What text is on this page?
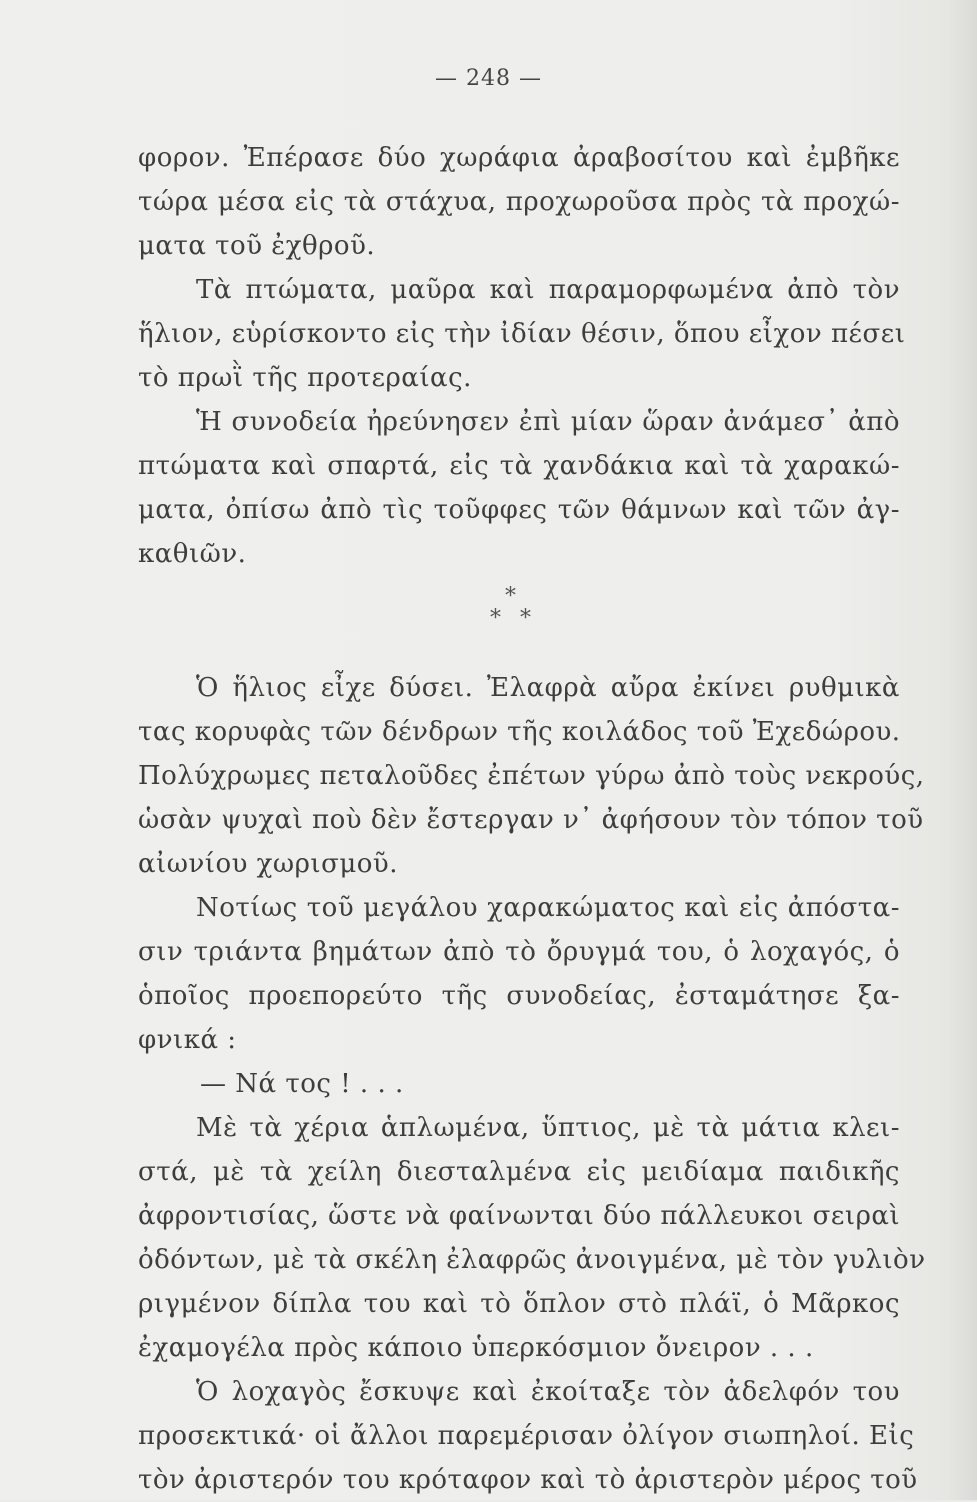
— 248 —
φορον. Ἐπέρασε δύο χωράφια ἀραβοσίτου καὶ ἐμβῆκε
τώρα μέσα εἰς τὰ στάχυα, προχωροῦσα πρὸς τὰ προχώ-
ματα τοῦ ἐχθροῦ.
Τὰ πτώματα, μαῦρα καὶ παραμορφωμένα ἀπὸ τὸν
ἥλιον, εὑρίσκοντο εἰς τὴν ἰδίαν θέσιν, ὅπου εἶχον πέσει
τὸ πρωῒ τῆς προτεραίας.
Ἡ συνοδεία ἠρεύνησεν ἐπὶ μίαν ὥραν ἀνάμεσ᾽ ἀπὸ
πτώματα καὶ σπαρτά, εἰς τὰ χανδάκια καὶ τὰ χαρακώ-
ματα, ὀπίσω ἀπὸ τὶς τοῦφφες τῶν θάμνων καὶ τῶν ἀγ-
καθιῶν.
*
* *
Ὁ ἥλιος εἶχε δύσει. Ἐλαφρὰ αὔρα ἐκίνει ρυθμικὰ
τας κορυφὰς τῶν δένδρων τῆς κοιλάδος τοῦ Ἐχεδώρου.
Πολύχρωμες πεταλοῦδες ἐπέτων γύρω ἀπὸ τοὺς νεκρούς,
ὡσὰν ψυχαὶ ποὺ δὲν ἔστεργαν ν᾽ ἀφήσουν τὸν τόπον τοῦ
αἰωνίου χωρισμοῦ.
Νοτίως τοῦ μεγάλου χαρακώματος καὶ εἰς ἀπόστα-
σιν τριάντα βημάτων ἀπὸ τὸ ὄρυγμά του, ὁ λοχαγός, ὁ
ὁποῖος προεπορεύτο τῆς συνοδείας, ἐσταμάτησε ξα-
φνικά :
— Νά τος ! . . .
Μὲ τὰ χέρια ἁπλωμένα, ὕπτιος, μὲ τὰ μάτια κλει-
στά, μὲ τὰ χείλη διεσταλμένα εἰς μειδίαμα παιδικῆς
ἀφροντισίας, ὥστε νὰ φαίνωνται δύο πάλλευκοι σειραὶ
ὀδόντων, μὲ τὰ σκέλη ἐλαφρῶς ἀνοιγμένα, μὲ τὸν γυλιὸν
ριγμένον δίπλα του καὶ τὸ ὅπλον στὸ πλάϊ, ὁ Μᾶρκος
ἐχαμογέλα πρὸς κάποιο ὑπερκόσμιον ὄνειρον . . .
Ὁ λοχαγὸς ἔσκυψε καὶ ἐκοίταξε τὸν ἀδελφόν του
προσεκτικά· οἱ ἄλλοι παρεμέρισαν ὀλίγον σιωπηλοί. Εἰς
τὸν ἀριστερόν του κρόταφον καὶ τὸ ἀριστερὸν μέρος τοῦ
